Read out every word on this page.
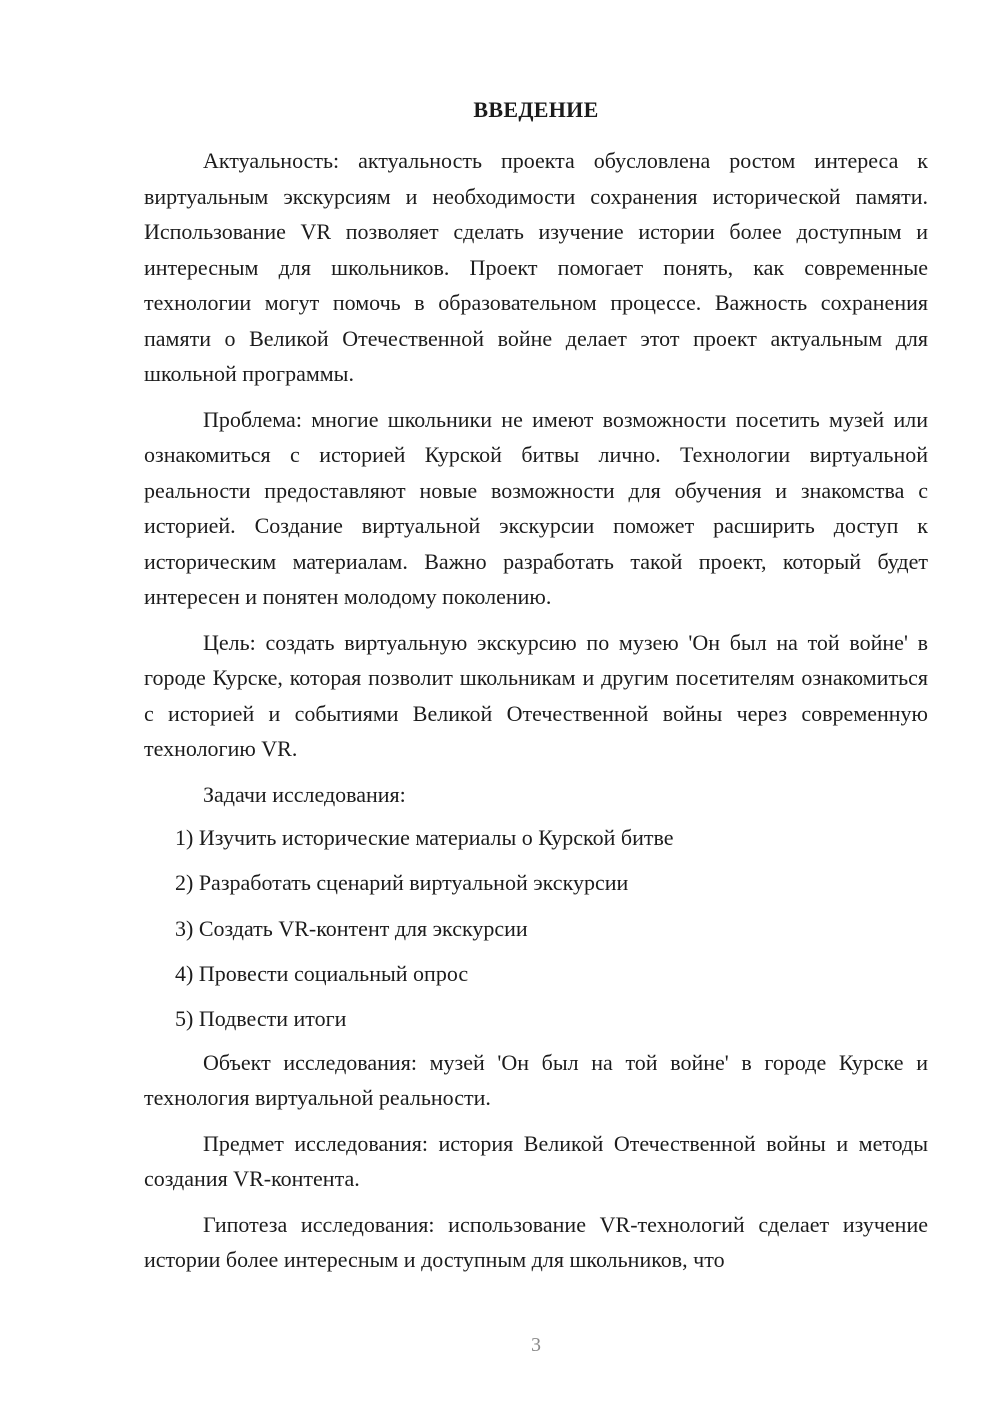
ВВЕДЕНИЕ

Актуальность: актуальность проекта обусловлена ростом интереса к виртуальным экскурсиям и необходимости сохранения исторической памяти. Использование VR позволяет сделать изучение истории более доступным и интересным для школьников. Проект помогает понять, как современные технологии могут помочь в образовательном процессе. Важность сохранения памяти о Великой Отечественной войне делает этот проект актуальным для школьной программы.

Проблема: многие школьники не имеют возможности посетить музей или ознакомиться с историей Курской битвы лично. Технологии виртуальной реальности предоставляют новые возможности для обучения и знакомства с историей. Создание виртуальной экскурсии поможет расширить доступ к историческим материалам. Важно разработать такой проект, который будет интересен и понятен молодому поколению.

Цель: создать виртуальную экскурсию по музею 'Он был на той войне' в городе Курске, которая позволит школьникам и другим посетителям ознакомиться с историей и событиями Великой Отечественной войны через современную технологию VR.

Задачи исследования:

1) Изучить исторические материалы о Курской битве
2) Разработать сценарий виртуальной экскурсии
3) Создать VR-контент для экскурсии
4) Провести социальный опрос
5) Подвести итоги

Объект исследования: музей 'Он был на той войне' в городе Курске и технология виртуальной реальности.

Предмет исследования: история Великой Отечественной войны и методы создания VR-контента.

Гипотеза исследования: использование VR-технологий сделает изучение истории более интересным и доступным для школьников, что

3
